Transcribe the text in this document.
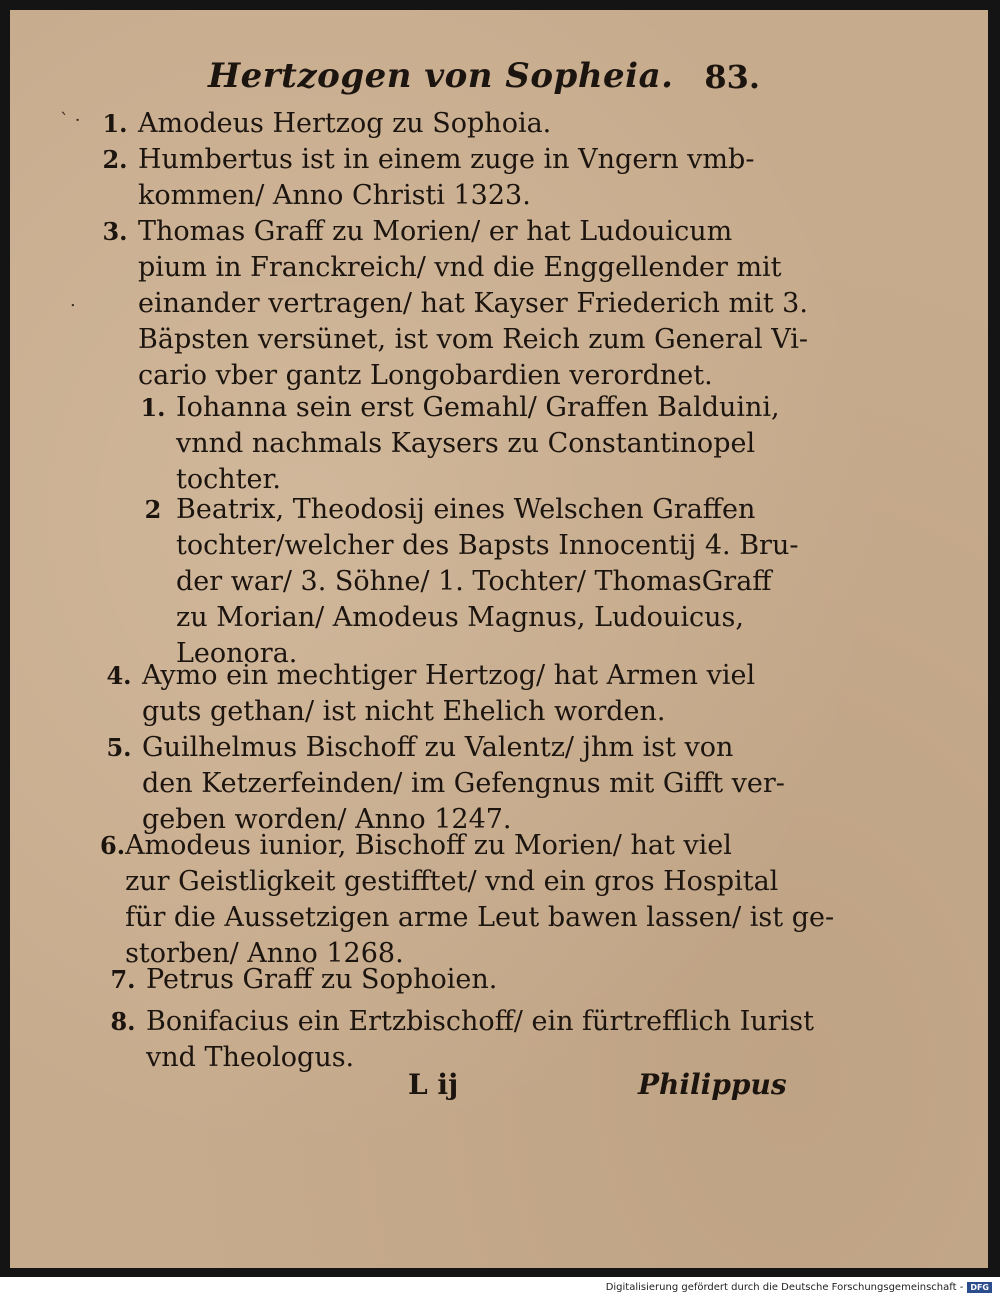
Hertzogen von Sopheia. 83.
` ·
.
1. Amodeus Hertzog zu Sophoia.
2. Humbertus ist in einem zuge in Vngern vmb-
kommen/ Anno Christi 1323.
3. Thomas Graff zu Morien/ er hat Ludouicum
pium in Franckreich/ vnd die Enggellender mit
einander vertragen/ hat Kayser Friederich mit 3.
Bäpsten versünet, ist vom Reich zum General Vi-
cario vber gantz Longobardien verordnet.
1. Iohanna sein erst Gemahl/ Graffen Balduini,
vnnd nachmals Kaysers zu Constantinopel
tochter.
2 Beatrix, Theodosij eines Welschen Graffen
tochter/welcher des Bapsts Innocentij 4. Bru-
der war/ 3. Söhne/ 1. Tochter/ ThomasGraff
zu Morian/ Amodeus Magnus, Ludouicus,
Leonora.
4. Aymo ein mechtiger Hertzog/ hat Armen viel
guts gethan/ ist nicht Ehelich worden.
5. Guilhelmus Bischoff zu Valentz/ jhm ist von
den Ketzerfeinden/ im Gefengnus mit Gifft ver-
geben worden/ Anno 1247.
6. Amodeus iunior, Bischoff zu Morien/ hat viel
zur Geistligkeit gestifftet/ vnd ein gros Hospital
für die Aussetzigen arme Leut bawen lassen/ ist ge-
storben/ Anno 1268.
7. Petrus Graff zu Sophoien.
8. Bonifacius ein Ertzbischoff/ ein fürtrefflich Iurist
vnd Theologus.
L ij	Philippus
Digitalisierung gefördert durch die Deutsche Forschungsgemeinschaft - DFG
